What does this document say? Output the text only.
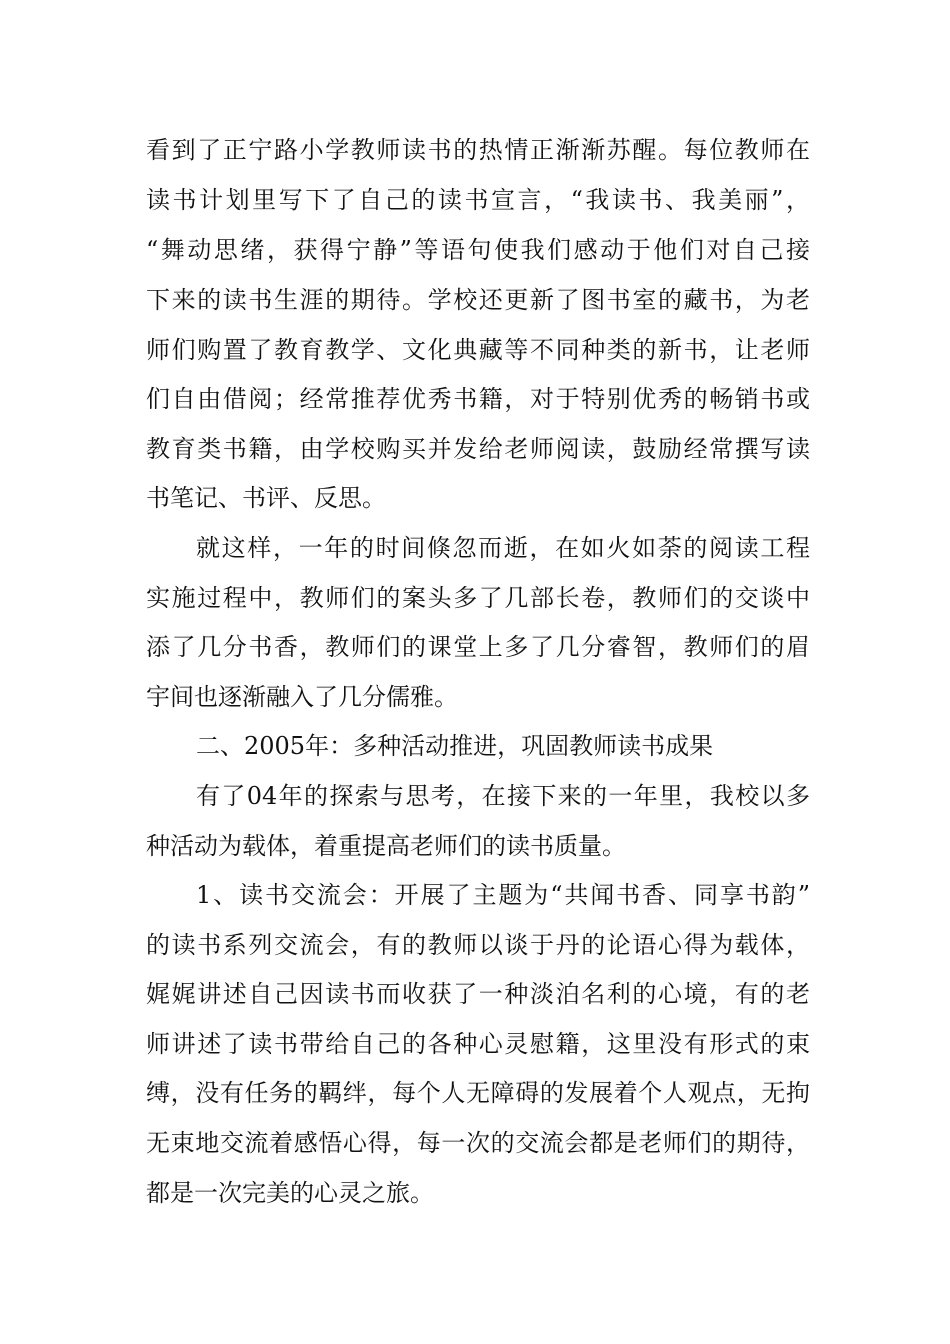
看到了正宁路小学教师读书的热情正渐渐苏醒。每位教师在
读书计划里写下了自己的读书宣言，“我读书、我美丽”，
“舞动思绪，获得宁静”等语句使我们感动于他们对自己接
下来的读书生涯的期待。学校还更新了图书室的藏书，为老
师们购置了教育教学、文化典藏等不同种类的新书，让老师
们自由借阅；经常推荐优秀书籍，对于特别优秀的畅销书或
教育类书籍，由学校购买并发给老师阅读，鼓励经常撰写读
书笔记、书评、反思。
就这样，一年的时间倏忽而逝，在如火如荼的阅读工程
实施过程中，教师们的案头多了几部长卷，教师们的交谈中
添了几分书香，教师们的课堂上多了几分睿智，教师们的眉
宇间也逐渐融入了几分儒雅。
二、2005年：多种活动推进，巩固教师读书成果
有了04年的探索与思考，在接下来的一年里，我校以多
种活动为载体，着重提高老师们的读书质量。
1、读书交流会：开展了主题为“共闻书香、同享书韵”
的读书系列交流会，有的教师以谈于丹的论语心得为载体，
娓娓讲述自己因读书而收获了一种淡泊名利的心境，有的老
师讲述了读书带给自己的各种心灵慰籍，这里没有形式的束
缚，没有任务的羁绊，每个人无障碍的发展着个人观点，无拘
无束地交流着感悟心得，每一次的交流会都是老师们的期待，
都是一次完美的心灵之旅。
